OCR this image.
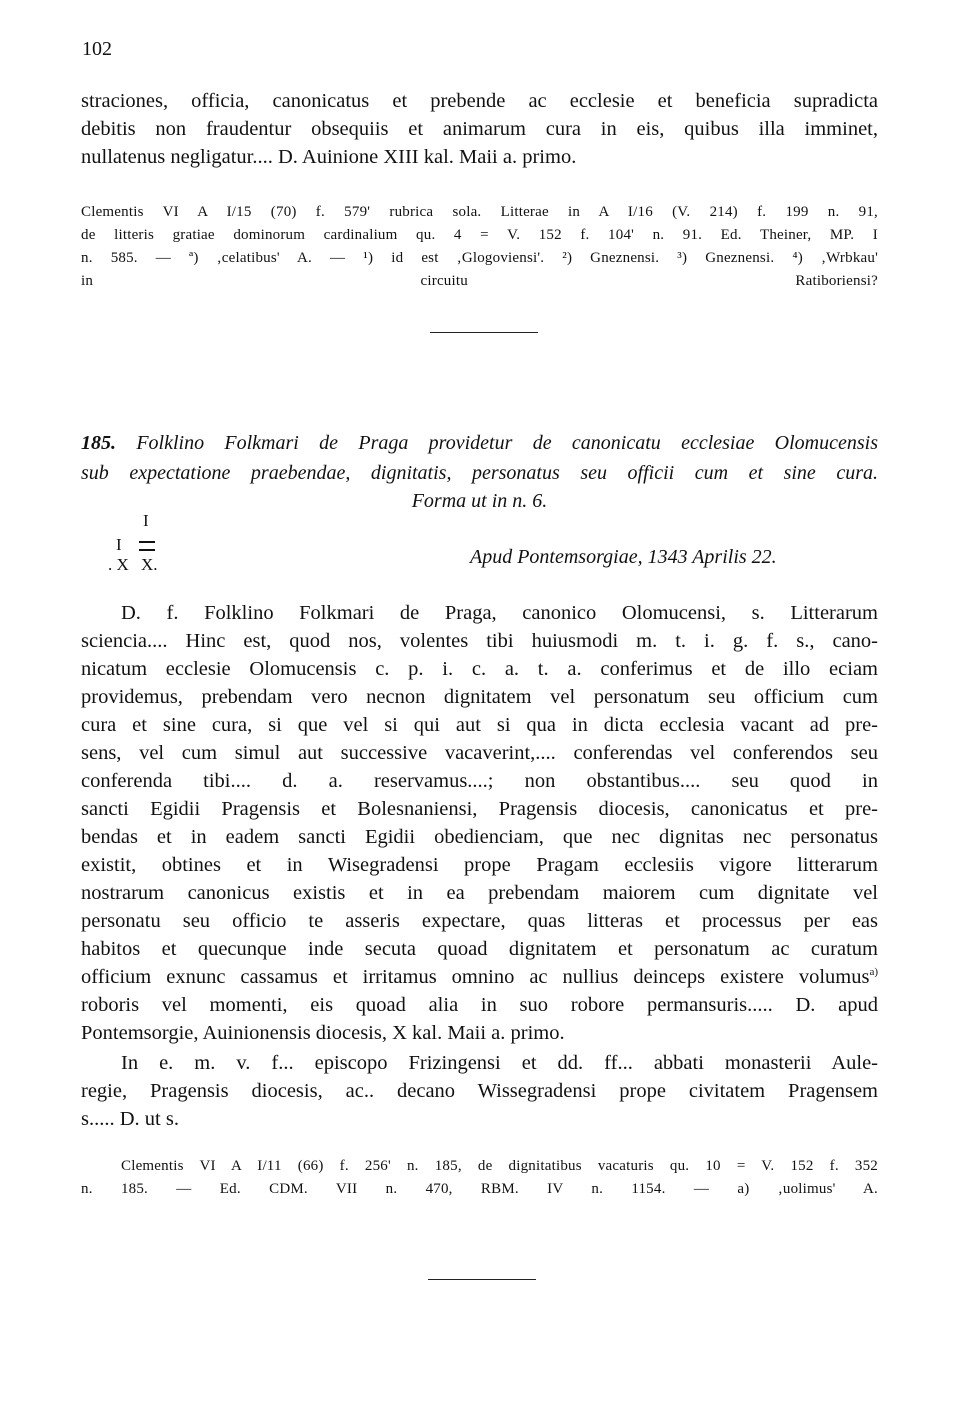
102
straciones, officia, canonicatus et prebende ac ecclesie et beneficia supradicta
debitis non fraudentur obsequiis et animarum cura in eis, quibus illa imminet,
nullatenus negligatur.... D. Auinione XIII kal. Maii a. primo.
Clementis VI A I/15 (70) f. 579' rubrica sola. Litterae in A I/16 (V. 214) f. 199 n. 91,
de litteris gratiae dominorum cardinalium qu. 4 = V. 152 f. 104' n. 91. Ed. Theiner, MP. I
n. 585. — ª) ‚celatibus' A. — ¹) id est ‚Glogoviensi'. ²) Gneznensi. ³) Gneznensi. ⁴) ‚Wrbkau'
in circuitu Ratiboriensi?
185. Folklino Folkmari de Praga providetur de canonicatu ecclesiae Olomucensis
sub expectatione praebendae, dignitatis, personatus seu officii cum et sine cura.
Forma ut in n. 6.
I
I
. X X.	Apud Pontemsorgiae, 1343 Aprilis 22.
D. f. Folklino Folkmari de Praga, canonico Olomucensi, s. Litterarum
sciencia.... Hinc est, quod nos, volentes tibi huiusmodi m. t. i. g. f. s., cano-
nicatum ecclesie Olomucensis c. p. i. c. a. t. a. conferimus et de illo eciam
providemus, prebendam vero necnon dignitatem vel personatum seu officium cum
cura et sine cura, si que vel si qui aut si qua in dicta ecclesia vacant ad pre-
sens, vel cum simul aut successive vacaverint,.... conferendas vel conferendos seu
conferenda tibi.... d. a. reservamus....; non obstantibus.... seu quod in
sancti Egidii Pragensis et Bolesnaniensi, Pragensis diocesis, canonicatus et pre-
bendas et in eadem sancti Egidii obedienciam, que nec dignitas nec personatus
existit, obtines et in Wisegradensi prope Pragam ecclesiis vigore litterarum
nostrarum canonicus existis et in ea prebendam maiorem cum dignitate vel
personatu seu officio te asseris expectare, quas litteras et processus per eas
habitos et quecunque inde secuta quoad dignitatem et personatum ac curatum
officium exnunc cassamus et irritamus omnino ac nullius deinceps existere volumus$^{a)}$
roboris vel momenti, eis quoad alia in suo robore permansuris..... D. apud
Pontemsorgie, Auinionensis diocesis, X kal. Maii a. primo.
In e. m. v. f... episcopo Frizingensi et dd. ff... abbati monasterii Aule-
regie, Pragensis diocesis, ac.. decano Wissegradensi prope civitatem Pragensem
s..... D. ut s.
Clementis VI A I/11 (66) f. 256' n. 185, de dignitatibus vacaturis qu. 10 = V. 152 f. 352
n. 185. — Ed. CDM. VII n. 470, RBM. IV n. 1154. — a) ‚uolimus' A.
